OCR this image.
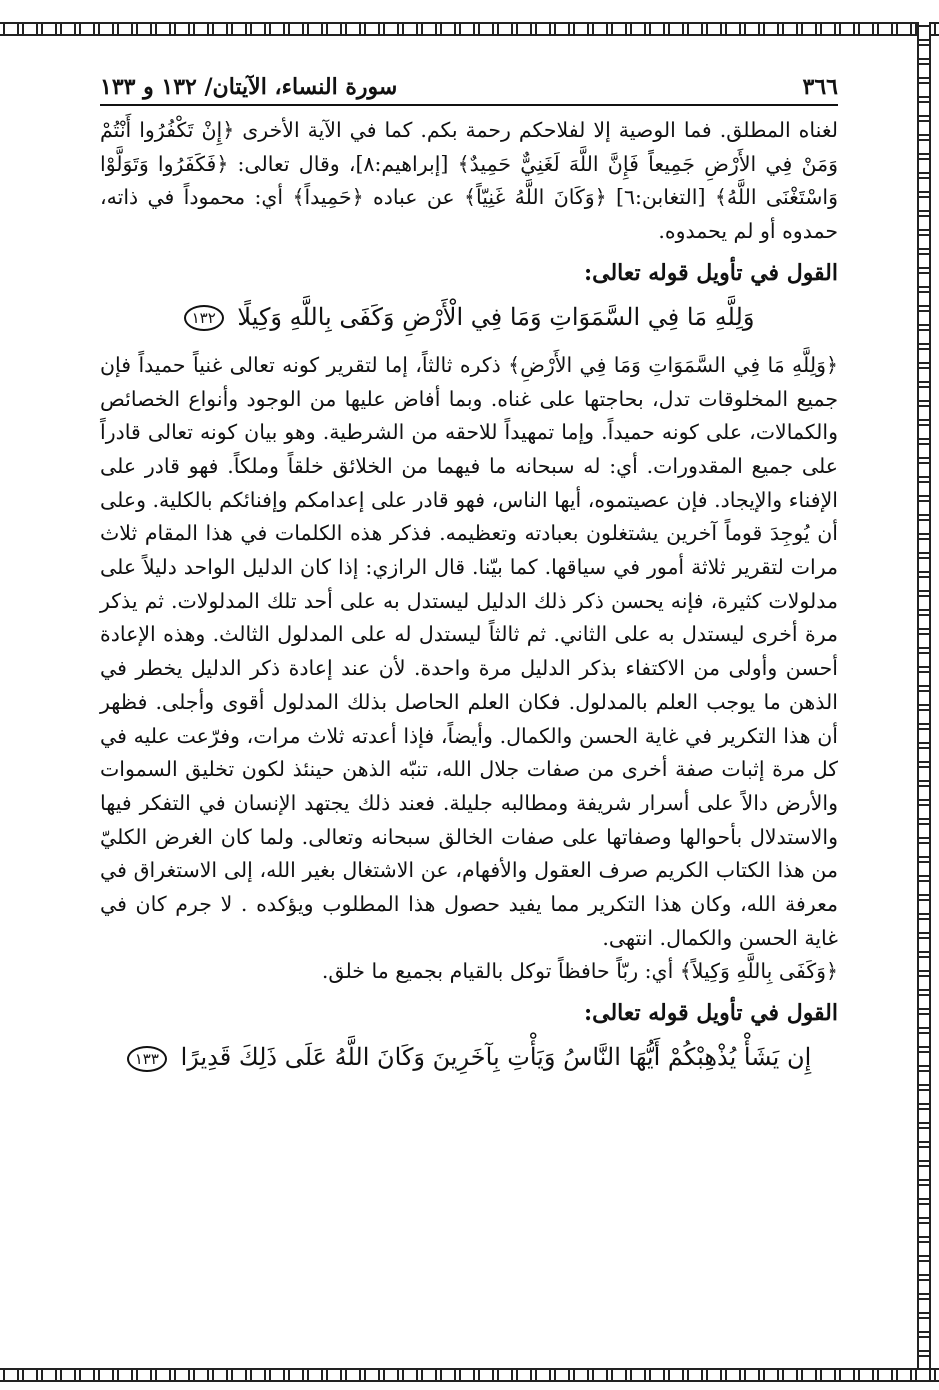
٣٦٦
سورة النساء، الآيتان/ ١٣٢ و ١٣٣

لغناه المطلق. فما الوصية إلا لفلاحكم رحمة بكم. كما في الآية الأخرى ﴿إِنْ تَكْفُرُوا أَنْتُمْ وَمَنْ فِي الأَرْضِ جَمِيعاً فَإِنَّ اللَّهَ لَغَنِيٌّ حَمِيدٌ﴾ [إبراهيم:٨]، وقال تعالى: ﴿فَكَفَرُوا وَتَوَلَّوْا وَاسْتَغْنَى اللَّهُ﴾ [التغابن:٦] ﴿وَكَانَ اللَّهُ غَنِيّاً﴾ عن عباده ﴿حَمِيداً﴾ أي: محموداً في ذاته، حمدوه أو لم يحمدوه.

القول في تأويل قوله تعالى:
وَلِلَّهِ مَا فِي السَّمَوَاتِ وَمَا فِي الْأَرْضِ وَكَفَى بِاللَّهِ وَكِيلًا ١٣٢

﴿وَلِلَّهِ مَا فِي السَّمَوَاتِ وَمَا فِي الأَرْضِ﴾ ذكره ثالثاً، إما لتقرير كونه تعالى غنياً حميداً فإن جميع المخلوقات تدل، بحاجتها على غناه. وبما أفاض عليها من الوجود وأنواع الخصائص والكمالات، على كونه حميداً. وإما تمهيداً للاحقه من الشرطية. وهو بيان كونه تعالى قادراً على جميع المقدورات. أي: له سبحانه ما فيهما من الخلائق خلقاً وملكاً. فهو قادر على الإفناء والإيجاد. فإن عصيتموه، أيها الناس، فهو قادر على إعدامكم وإفنائكم بالكلية. وعلى أن يُوجِدَ قوماً آخرين يشتغلون بعبادته وتعظيمه. فذكر هذه الكلمات في هذا المقام ثلاث مرات لتقرير ثلاثة أمور في سياقها. كما بيّنا. قال الرازي: إذا كان الدليل الواحد دليلاً على مدلولات كثيرة، فإنه يحسن ذكر ذلك الدليل ليستدل به على أحد تلك المدلولات. ثم يذكر مرة أخرى ليستدل به على الثاني. ثم ثالثاً ليستدل له على المدلول الثالث. وهذه الإعادة أحسن وأولى من الاكتفاء بذكر الدليل مرة واحدة. لأن عند إعادة ذكر الدليل يخطر في الذهن ما يوجب العلم بالمدلول. فكان العلم الحاصل بذلك المدلول أقوى وأجلى. فظهر أن هذا التكرير في غاية الحسن والكمال. وأيضاً، فإذا أعدته ثلاث مرات، وفرّعت عليه في كل مرة إثبات صفة أخرى من صفات جلال الله، تنبّه الذهن حينئذ لكون تخليق السموات والأرض دالاً على أسرار شريفة ومطالبه جليلة. فعند ذلك يجتهد الإنسان في التفكر فيها والاستدلال بأحوالها وصفاتها على صفات الخالق سبحانه وتعالى. ولما كان الغرض الكليّ من هذا الكتاب الكريم صرف العقول والأفهام، عن الاشتغال بغير الله، إلى الاستغراق في معرفة الله، وكان هذا التكرير مما يفيد حصول هذا المطلوب ويؤكده . لا جرم كان في غاية الحسن والكمال. انتهى.

﴿وَكَفَى بِاللَّهِ وَكِيلاً﴾ أي: ربّاً حافظاً توكل بالقيام بجميع ما خلق.

القول في تأويل قوله تعالى:
إِن يَشَأْ يُذْهِبْكُمْ أَيُّهَا النَّاسُ وَيَأْتِ بِآخَرِينَ وَكَانَ اللَّهُ عَلَى ذَلِكَ قَدِيرًا ١٣٣
